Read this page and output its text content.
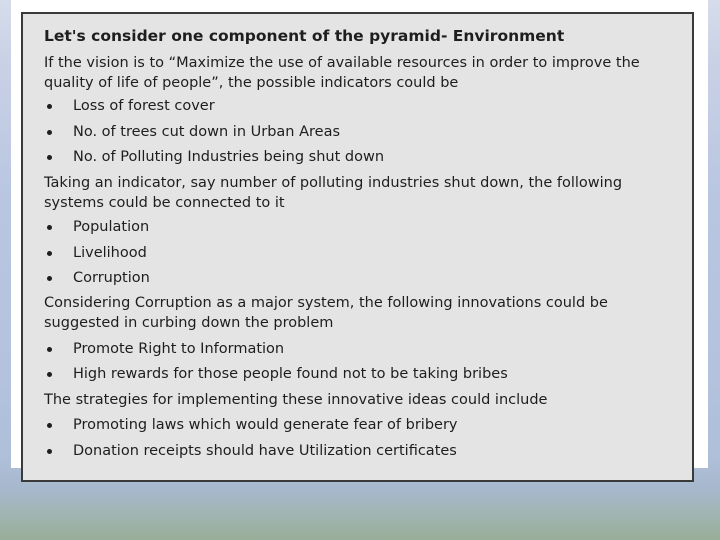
Let's consider one component of the pyramid- Environment
If the vision is to “Maximize the use of available resources in order to improve the quality of life of people”, the possible indicators could be
Loss of forest cover
No. of trees cut down in Urban Areas
No. of Polluting Industries being shut down
Taking an indicator, say number of polluting industries shut down, the following systems could be connected to it
Population
Livelihood
Corruption
Considering Corruption as a major system, the following innovations could be suggested in curbing down the problem
Promote Right to Information
High rewards for those people found not to be taking bribes
The strategies for implementing these innovative ideas could include
Promoting laws which would generate fear of bribery
Donation receipts should have Utilization certificates
